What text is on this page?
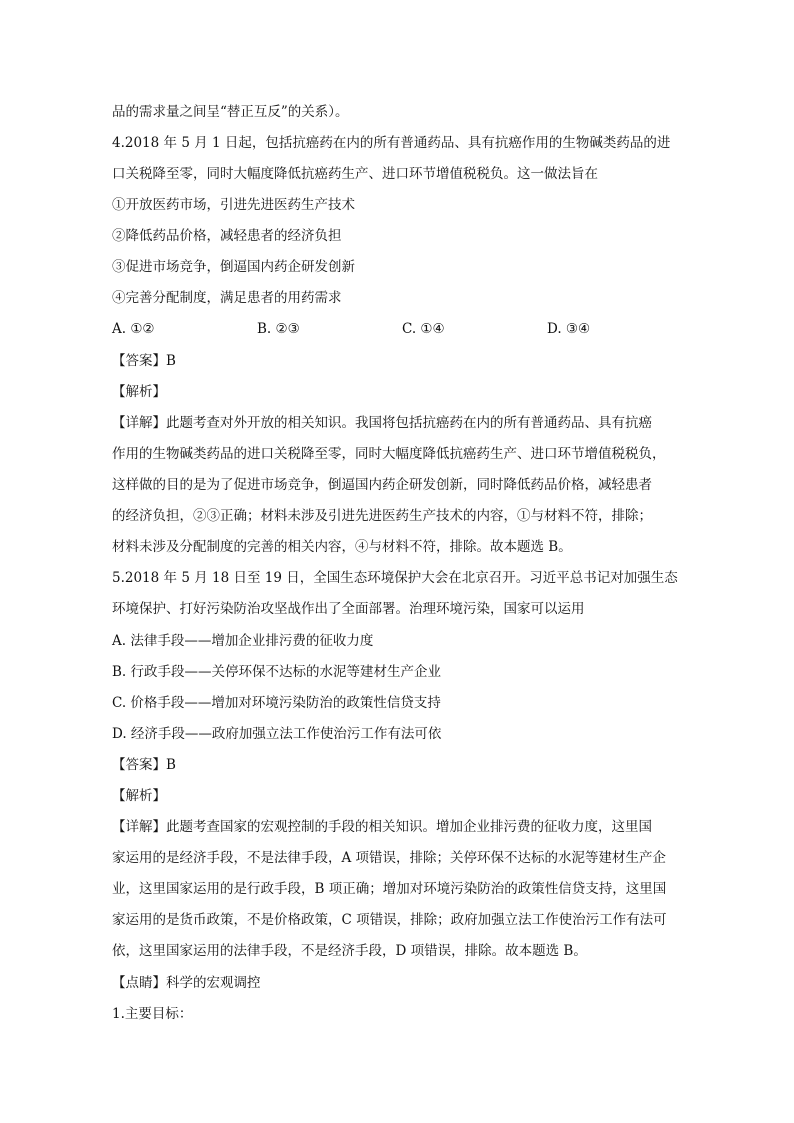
品的需求量之间呈“替正互反”的关系）。
4.2018 年 5 月 1 日起，包括抗癌药在内的所有普通药品、具有抗癌作用的生物碱类药品的进
口关税降至零，同时大幅度降低抗癌药生产、进口环节增值税税负。这一做法旨在
①开放医药市场，引进先进医药生产技术
②降低药品价格，减轻患者的经济负担
③促进市场竞争，倒逼国内药企研发创新
④完善分配制度，满足患者的用药需求
A. ①②	B. ②③	C. ①④	D. ③④
【答案】B
【解析】
【详解】此题考查对外开放的相关知识。我国将包括抗癌药在内的所有普通药品、具有抗癌
作用的生物碱类药品的进口关税降至零，同时大幅度降低抗癌药生产、进口环节增值税税负，
这样做的目的是为了促进市场竞争，倒逼国内药企研发创新，同时降低药品价格，减轻患者
的经济负担，②③正确；材料未涉及引进先进医药生产技术的内容，①与材料不符，排除；
材料未涉及分配制度的完善的相关内容，④与材料不符，排除。故本题选 B。
5.2018 年 5 月 18 日至 19 日，全国生态环境保护大会在北京召开。习近平总书记对加强生态
环境保护、打好污染防治攻坚战作出了全面部署。治理环境污染，国家可以运用
A. 法律手段——增加企业排污费的征收力度
B. 行政手段——关停环保不达标的水泥等建材生产企业
C. 价格手段——增加对环境污染防治的政策性信贷支持
D. 经济手段——政府加强立法工作使治污工作有法可依
【答案】B
【解析】
【详解】此题考查国家的宏观控制的手段的相关知识。增加企业排污费的征收力度，这里国
家运用的是经济手段，不是法律手段，A 项错误，排除；关停环保不达标的水泥等建材生产企
业，这里国家运用的是行政手段，B 项正确；增加对环境污染防治的政策性信贷支持，这里国
家运用的是货币政策，不是价格政策，C 项错误，排除；政府加强立法工作使治污工作有法可
依，这里国家运用的法律手段，不是经济手段，D 项错误，排除。故本题选 B。
【点睛】科学的宏观调控
1.主要目标：
